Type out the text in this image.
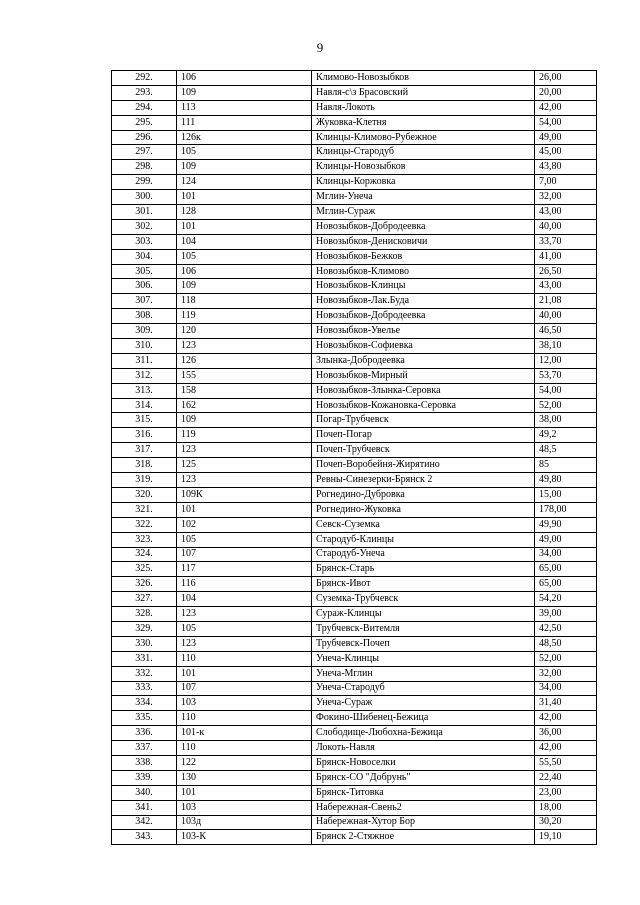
9
292.	106	Климово-Новозыбков	26,00
293.	109	Навля-с\з Брасовский	20,00
294.	113	Навля-Локоть	42,00
295.	111	Жуковка-Клетня	54,00
296.	126к	Клинцы-Климово-Рубежное	49,00
297.	105	Клинцы-Стародуб	45,00
298.	109	Клинцы-Новозыбков	43,80
299.	124	Клинцы-Коржовка	7,00
300.	101	Мглин-Унеча	32,00
301.	128	Мглин-Сураж	43,00
302.	101	Новозыбков-Добродеевка	40,00
303.	104	Новозыбков-Денисковичи	33,70
304.	105	Новозыбков-Бежков	41,00
305.	106	Новозыбков-Климово	26,50
306.	109	Новозыбков-Клинцы	43,00
307.	118	Новозыбков-Лак.Буда	21,08
308.	119	Новозыбков-Добродеевка	40,00
309.	120	Новозыбков-Увелье	46,50
310.	123	Новозыбков-Софиевка	38,10
311.	126	Злынка-Добродеевка	12,00
312.	155	Новозыбков-Мирный	53,70
313.	158	Новозыбков-Злынка-Серовка	54,00
314.	162	Новозыбков-Кожановка-Серовка	52,00
315.	109	Погар-Трубчевск	38,00
316.	119	Почеп-Погар	49,2
317.	123	Почеп-Трубчевск	48,5
318.	125	Почеп-Воробейня-Жирятино	85
319.	123	Ревны-Синезерки-Брянск 2	49,80
320.	109К	Рогнедино-Дубровка	15,00
321.	101	Рогнедино-Жуковка	178,00
322.	102	Севск-Суземка	49,90
323.	105	Стародуб-Клинцы	49,00
324.	107	Стародуб-Унеча	34,00
325.	117	Брянск-Старь	65,00
326.	116	Брянск-Ивот	65,00
327.	104	Суземка-Трубчевск	54,20
328.	123	Сураж-Клинцы	39,00
329.	105	Трубчевск-Витемля	42,50
330.	123	Трубчевск-Почеп	48,50
331.	110	Унеча-Клинцы	52,00
332.	101	Унеча-Мглин	32,00
333.	107	Унеча-Стародуб	34,00
334.	103	Унеча-Сураж	31,40
335.	110	Фокино-Шибенец-Бежица	42,00
336.	101-к	Слободище-Любохна-Бежица	36,00
337.	110	Локоть-Навля	42,00
338.	122	Брянск-Новоселки	55,50
339.	130	Брянск-СО "Добрунь"	22,40
340.	101	Брянск-Титовка	23,00
341.	103	Набережная-Свень2	18,00
342.	103д	Набережная-Хутор Бор	30,20
343.	103-К	Брянск 2-Стяжное	19,10
